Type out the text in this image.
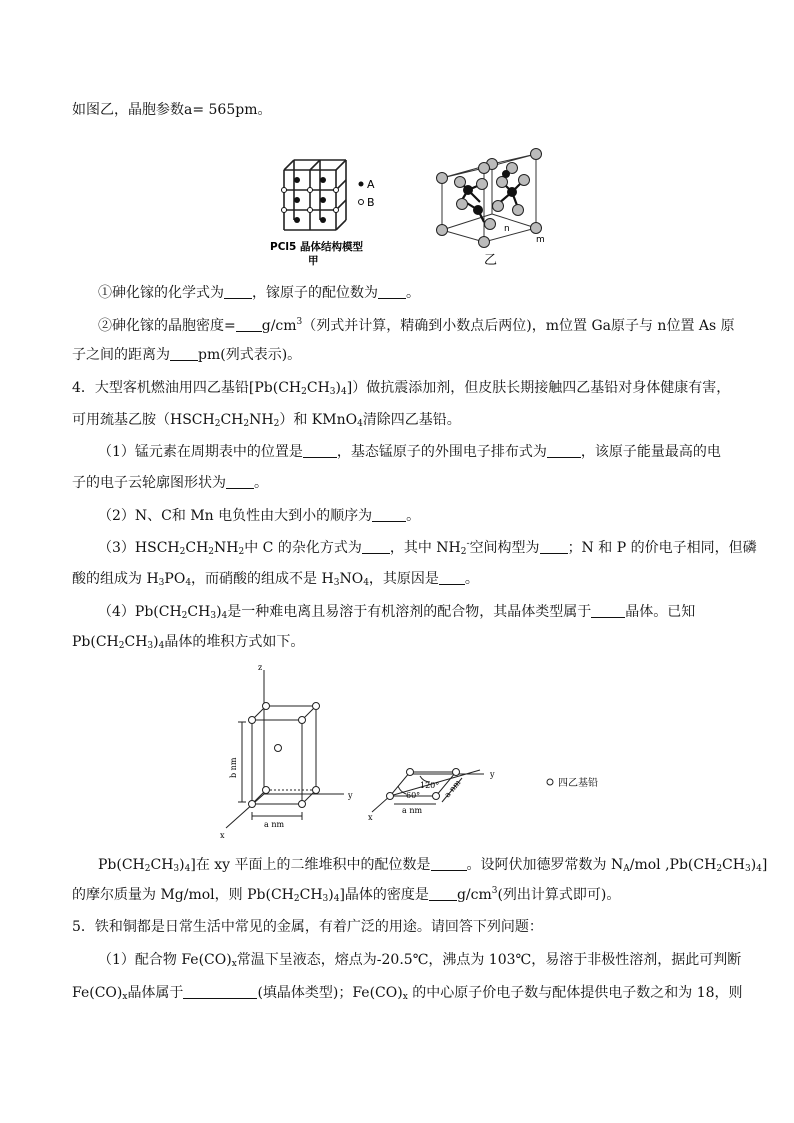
如图乙，晶胞参数a= 565pm。
A
B
PCl5 晶体结构模型
甲
n
m
乙
①砷化镓的化学式为 ，镓原子的配位数为 。
②砷化镓的晶胞密度= $g/cm^3$（列式并计算，精确到小数点后两位)，m位置 Ga原子与 n位置 As 原
子之间的距离为 pm(列式表示)。
4．大型客机燃油用四乙基铅$[Pb(CH_2CH_3)_4]$）做抗震添加剂，但皮肤长期接触四乙基铅对身体健康有害，
可用巯基乙胺$(HSCH_2CH_2NH_2)$和 KMnO$_4$清除四乙基铅。
（1）锰元素在周期表中的位置是 ，基态锰原子的外围电子排布式为 ，该原子能量最高的电
子的电子云轮廓图形状为 。
（2）N、C和 Mn 电负性由大到小的顺序为 。
$(3)HSCH_2CH_2NH_2$中 C 的杂化方式为 ，其中 $NH_2^-$空间构型为 ；N 和 P 的价电子相同，但磷
酸的组成为 $H_3PO_4$，而硝酸的组成不是 $H_3NO_4$，其原因是 。
$(4)Pb(CH_2CH_3)_4$是一种难电离且易溶于有机溶剂的配合物，其晶体类型属于 晶体。已知
$Pb(CH_2CH_3)_4$晶体的堆积方式如下。
z
y
x
b nm
a nm
y
x
120°
60°
a nm
a nm	四乙基铅
$Pb(CH_2CH_3)_4$]在 xy 平面上的二维堆积中的配位数是	。设阿伏加德罗常数为 $N_A$/mol $,Pb(CH_2CH_3)_4$]
的摩尔质量为 Mg/mol，则 $Pb(CH_2CH_3)_4$]晶体的密度是 $g/cm^3$(列出计算式即可)。
5．铁和铜都是日常生活中常见的金属，有着广泛的用途。请回答下列问题：
（1）配合物 $Fe(CO)_x$常温下呈液态，熔点为-20.5℃，沸点为 103℃，易溶于非极性溶剂，据此可判断
$Fe(CO)_x$晶体属于	(填晶体类型)；$Fe(CO)_x$ 的中心原子价电子数与配体提供电子数之和为 18，则
